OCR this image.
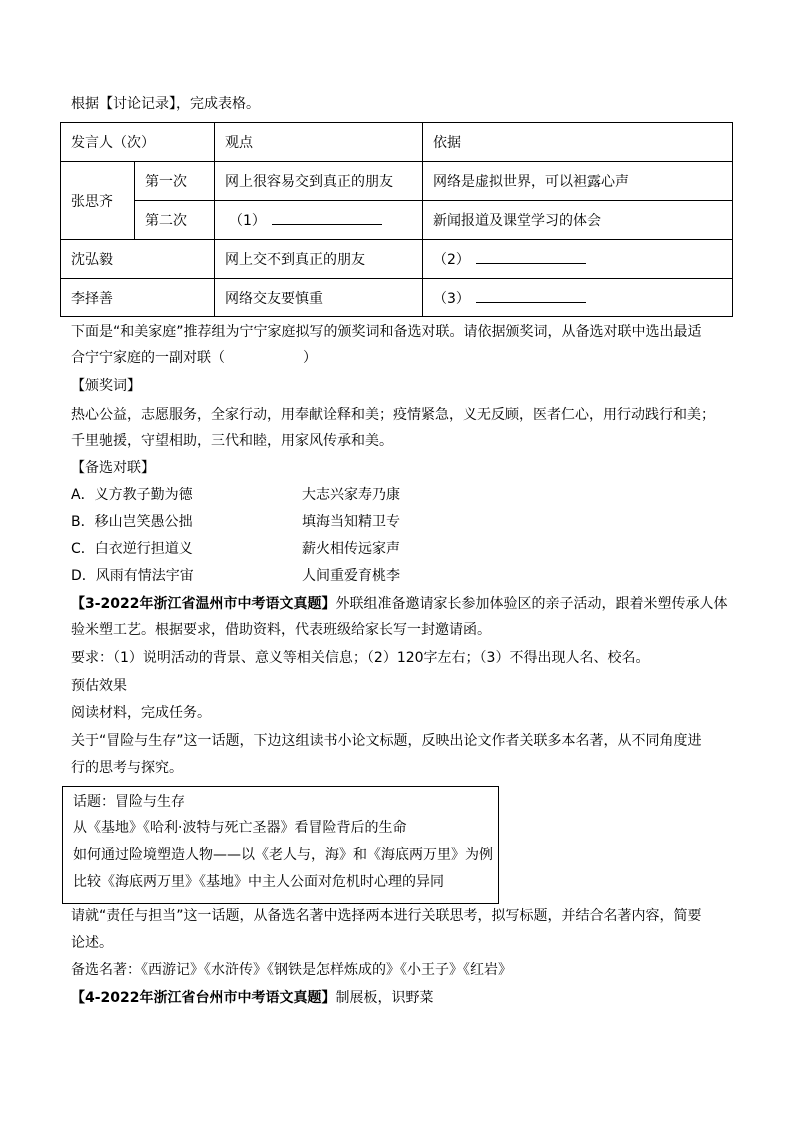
根据【讨论记录】，完成表格。
发言人（次）		观点	依据
张思齐	第一次	网上很容易交到真正的朋友	网络是虚拟世界，可以袒露心声
	第二次	（1）	新闻报道及课堂学习的体会
沈弘毅		网上交不到真正的朋友	（2）
李择善		网络交友要慎重	（3）
下面是“和美家庭”推荐组为宁宁家庭拟写的颁奖词和备选对联。请依据颁奖词，从备选对联中选出最适
合宁宁家庭的一副对联（	）
【颁奖词】
热心公益，志愿服务，全家行动，用奉献诠释和美；疫情紧急，义无反顾，医者仁心，用行动践行和美；
千里驰援，守望相助，三代和睦，用家风传承和美。
【备选对联】
A．义方教子勤为德	大志兴家寿乃康
B．移山岂笑愚公拙	填海当知精卫专
C．白衣逆行担道义	薪火相传远家声
D．风雨有情法宇宙	人间重爱育桃李
【3-2022年浙江省温州市中考语文真题】外联组准备邀请家长参加体验区的亲子活动，跟着米塑传承人体
验米塑工艺。根据要求，借助资料，代表班级给家长写一封邀请函。
要求：（1）说明活动的背景、意义等相关信息；（2）120字左右；（3）不得出现人名、校名。
预估效果
阅读材料，完成任务。
关于“冒险与生存”这一话题，下边这组读书小论文标题，反映出论文作者关联多本名著，从不同角度进
行的思考与探究。
话题：冒险与生存
从《基地》《哈利·波特与死亡圣器》看冒险背后的生命
如何通过险境塑造人物——以《老人与，海》和《海底两万里》为例
比较《海底两万里》《基地》中主人公面对危机时心理的异同
请就“责任与担当”这一话题，从备选名著中选择两本进行关联思考，拟写标题，并结合名著内容，简要
论述。
备选名著：《西游记》《水浒传》《钢铁是怎样炼成的》《小王子》《红岩》
【4-2022年浙江省台州市中考语文真题】制展板，识野菜
